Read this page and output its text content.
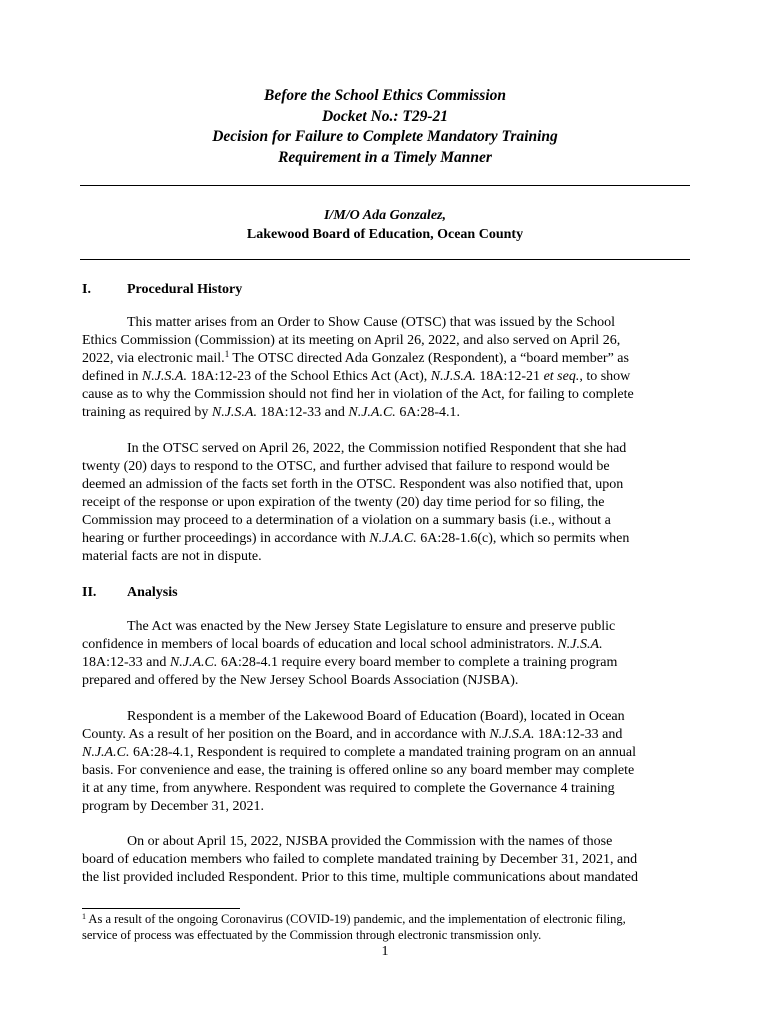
Before the School Ethics Commission
Docket No.: T29-21
Decision for Failure to Complete Mandatory Training
Requirement in a Timely Manner
I/M/O Ada Gonzalez,
Lakewood Board of Education, Ocean County
I.	Procedural History
This matter arises from an Order to Show Cause (OTSC) that was issued by the School
Ethics Commission (Commission) at its meeting on April 26, 2022, and also served on April 26,
2022, via electronic mail.$^1$ The OTSC directed Ada Gonzalez (Respondent), a “board member” as
defined in N.J.S.A. 18A:12-23 of the School Ethics Act (Act), N.J.S.A. 18A:12-21 et seq., to show
cause as to why the Commission should not find her in violation of the Act, for failing to complete
training as required by N.J.S.A. 18A:12-33 and N.J.A.C. 6A:28-4.1.
In the OTSC served on April 26, 2022, the Commission notified Respondent that she had
twenty (20) days to respond to the OTSC, and further advised that failure to respond would be
deemed an admission of the facts set forth in the OTSC. Respondent was also notified that, upon
receipt of the response or upon expiration of the twenty (20) day time period for so filing, the
Commission may proceed to a determination of a violation on a summary basis (i.e., without a
hearing or further proceedings) in accordance with N.J.A.C. 6A:28-1.6(c), which so permits when
material facts are not in dispute.
II. Analysis
The Act was enacted by the New Jersey State Legislature to ensure and preserve public
confidence in members of local boards of education and local school administrators. N.J.S.A.
18A:12-33 and N.J.A.C. 6A:28-4.1 require every board member to complete a training program
prepared and offered by the New Jersey School Boards Association (NJSBA).
Respondent is a member of the Lakewood Board of Education (Board), located in Ocean
County. As a result of her position on the Board, and in accordance with N.J.S.A. 18A:12-33 and
N.J.A.C. 6A:28-4.1, Respondent is required to complete a mandated training program on an annual
basis. For convenience and ease, the training is offered online so any board member may complete
it at any time, from anywhere. Respondent was required to complete the Governance 4 training
program by December 31, 2021.
On or about April 15, 2022, NJSBA provided the Commission with the names of those
board of education members who failed to complete mandated training by December 31, 2021, and
the list provided included Respondent. Prior to this time, multiple communications about mandated
$^1$ As a result of the ongoing Coronavirus (COVID-19) pandemic, and the implementation of electronic filing,
service of process was effectuated by the Commission through electronic transmission only.
1
